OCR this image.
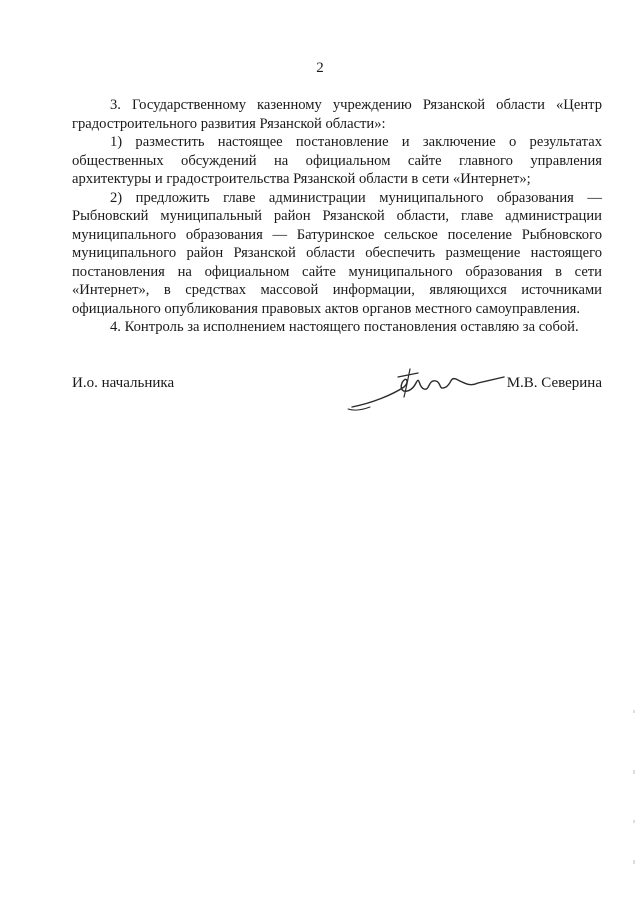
2

3. Государственному казенному учреждению Рязанской области «Центр градостроительного развития Рязанской области»:

1) разместить настоящее постановление и заключение о результатах общественных обсуждений на официальном сайте главного управления архитектуры и градостроительства Рязанской области в сети «Интернет»;

2) предложить главе администрации муниципального образования — Рыбновский муниципальный район Рязанской области, главе администрации муниципального образования — Батуринское сельское поселение Рыбновского муниципального район Рязанской области обеспечить размещение настоящего постановления на официальном сайте муниципального образования в сети «Интернет», в средствах массовой информации, являющихся источниками официального опубликования правовых актов органов местного самоуправления.

4. Контроль за исполнением настоящего постановления оставляю за собой.

И.о. начальника	М.В. Северина
